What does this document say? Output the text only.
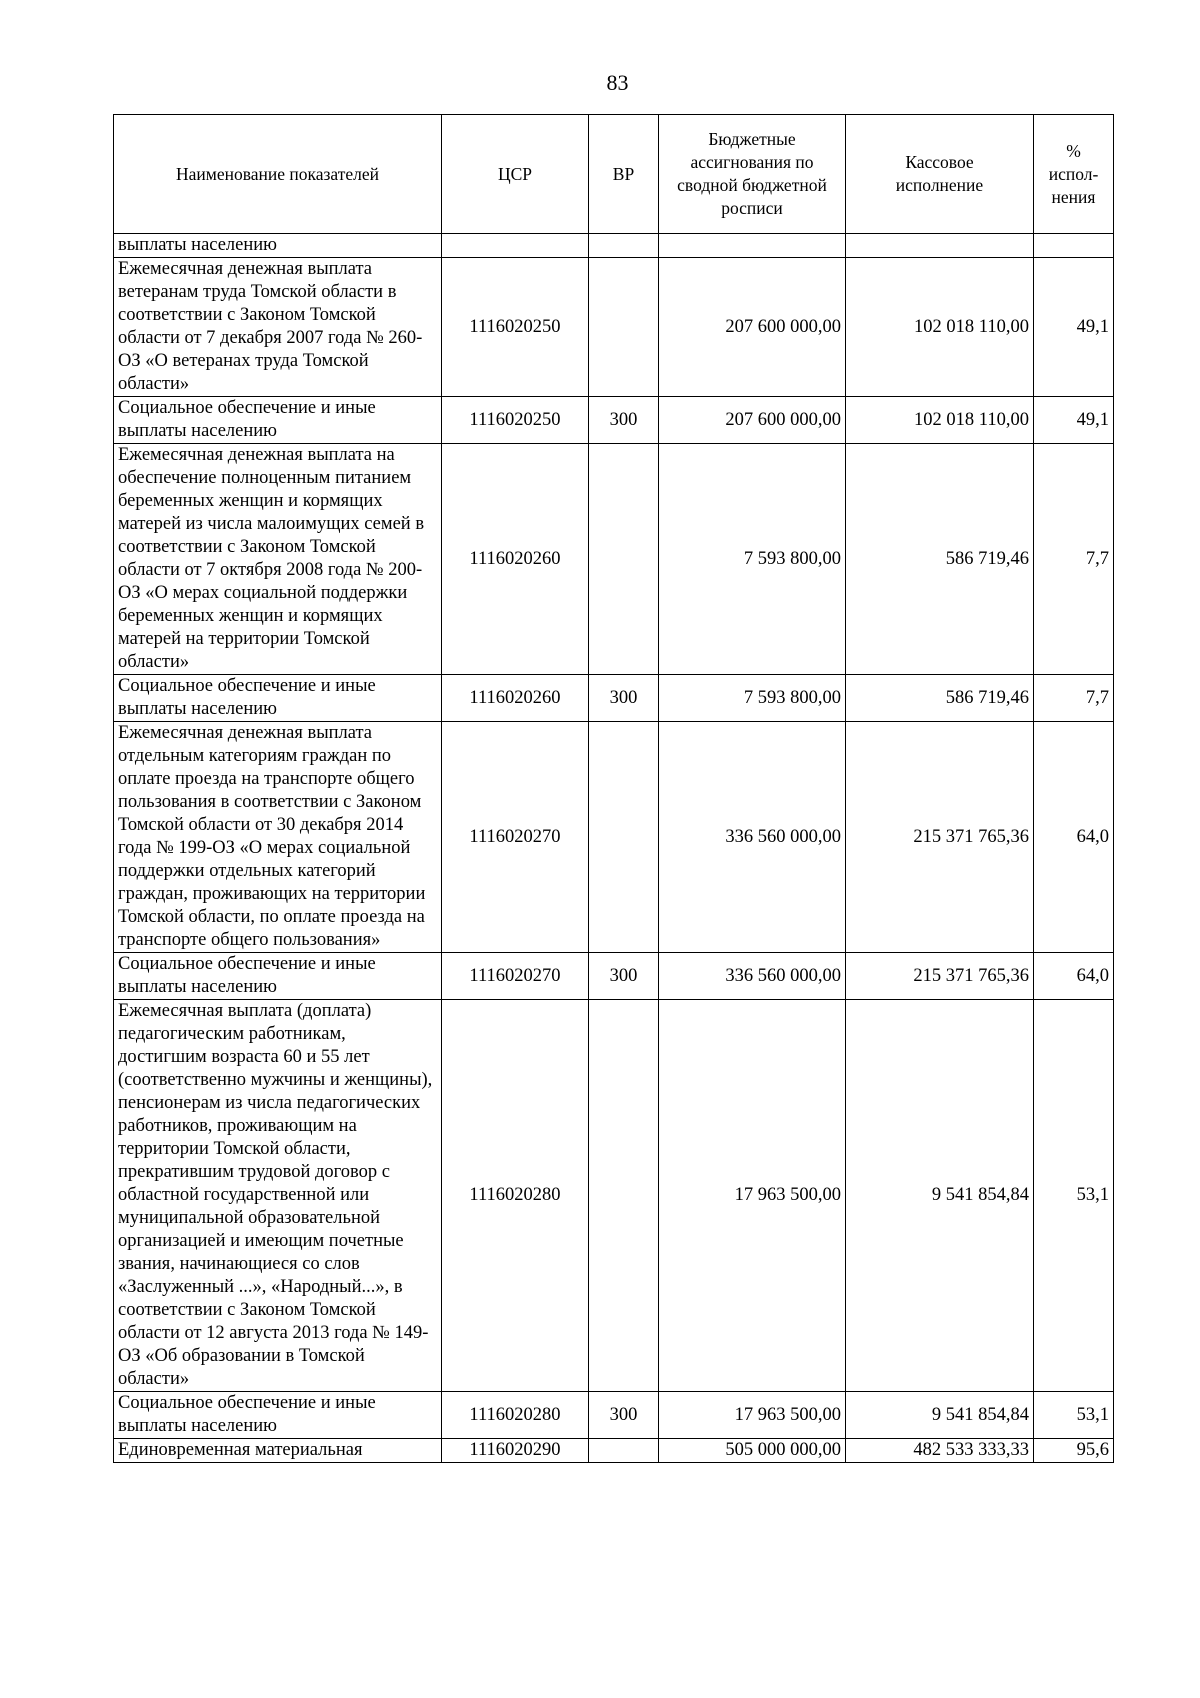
83
Наименование показателей	ЦСР	ВР	Бюджетные ассигнования по сводной бюджетной росписи	Кассовое исполнение	% испол-нения
выплаты населению					
Ежемесячная денежная выплата ветеранам труда Томской области в соответствии с Законом Томской области от 7 декабря 2007 года № 260-ОЗ «О ветеранах труда Томской области»	1116020250		207 600 000,00	102 018 110,00	49,1
Социальное обеспечение и иные выплаты населению	1116020250	300	207 600 000,00	102 018 110,00	49,1
Ежемесячная денежная выплата на обеспечение полноценным питанием беременных женщин и кормящих матерей из числа малоимущих семей в соответствии с Законом Томской области от 7 октября 2008 года № 200-ОЗ «О мерах социальной поддержки беременных женщин и кормящих матерей на территории Томской области»	1116020260		7 593 800,00	586 719,46	7,7
Социальное обеспечение и иные выплаты населению	1116020260	300	7 593 800,00	586 719,46	7,7
Ежемесячная денежная выплата отдельным категориям граждан по оплате проезда на транспорте общего пользования в соответствии с Законом Томской области от 30 декабря 2014 года № 199-ОЗ «О мерах социальной поддержки отдельных категорий граждан, проживающих на территории Томской области, по оплате проезда на транспорте общего пользования»	1116020270		336 560 000,00	215 371 765,36	64,0
Социальное обеспечение и иные выплаты населению	1116020270	300	336 560 000,00	215 371 765,36	64,0
Ежемесячная выплата (доплата) педагогическим работникам, достигшим возраста 60 и 55 лет (соответственно мужчины и женщины), пенсионерам из числа педагогических работников, проживающим на территории Томской области, прекратившим трудовой договор с областной государственной или муниципальной образовательной организацией и имеющим почетные звания, начинающиеся со слов «Заслуженный ...», «Народный...», в соответствии с Законом Томской области от 12 августа 2013 года № 149-ОЗ «Об образовании в Томской области»	1116020280		17 963 500,00	9 541 854,84	53,1
Социальное обеспечение и иные выплаты населению	1116020280	300	17 963 500,00	9 541 854,84	53,1
Единовременная материальная	1116020290		505 000 000,00	482 533 333,33	95,6
